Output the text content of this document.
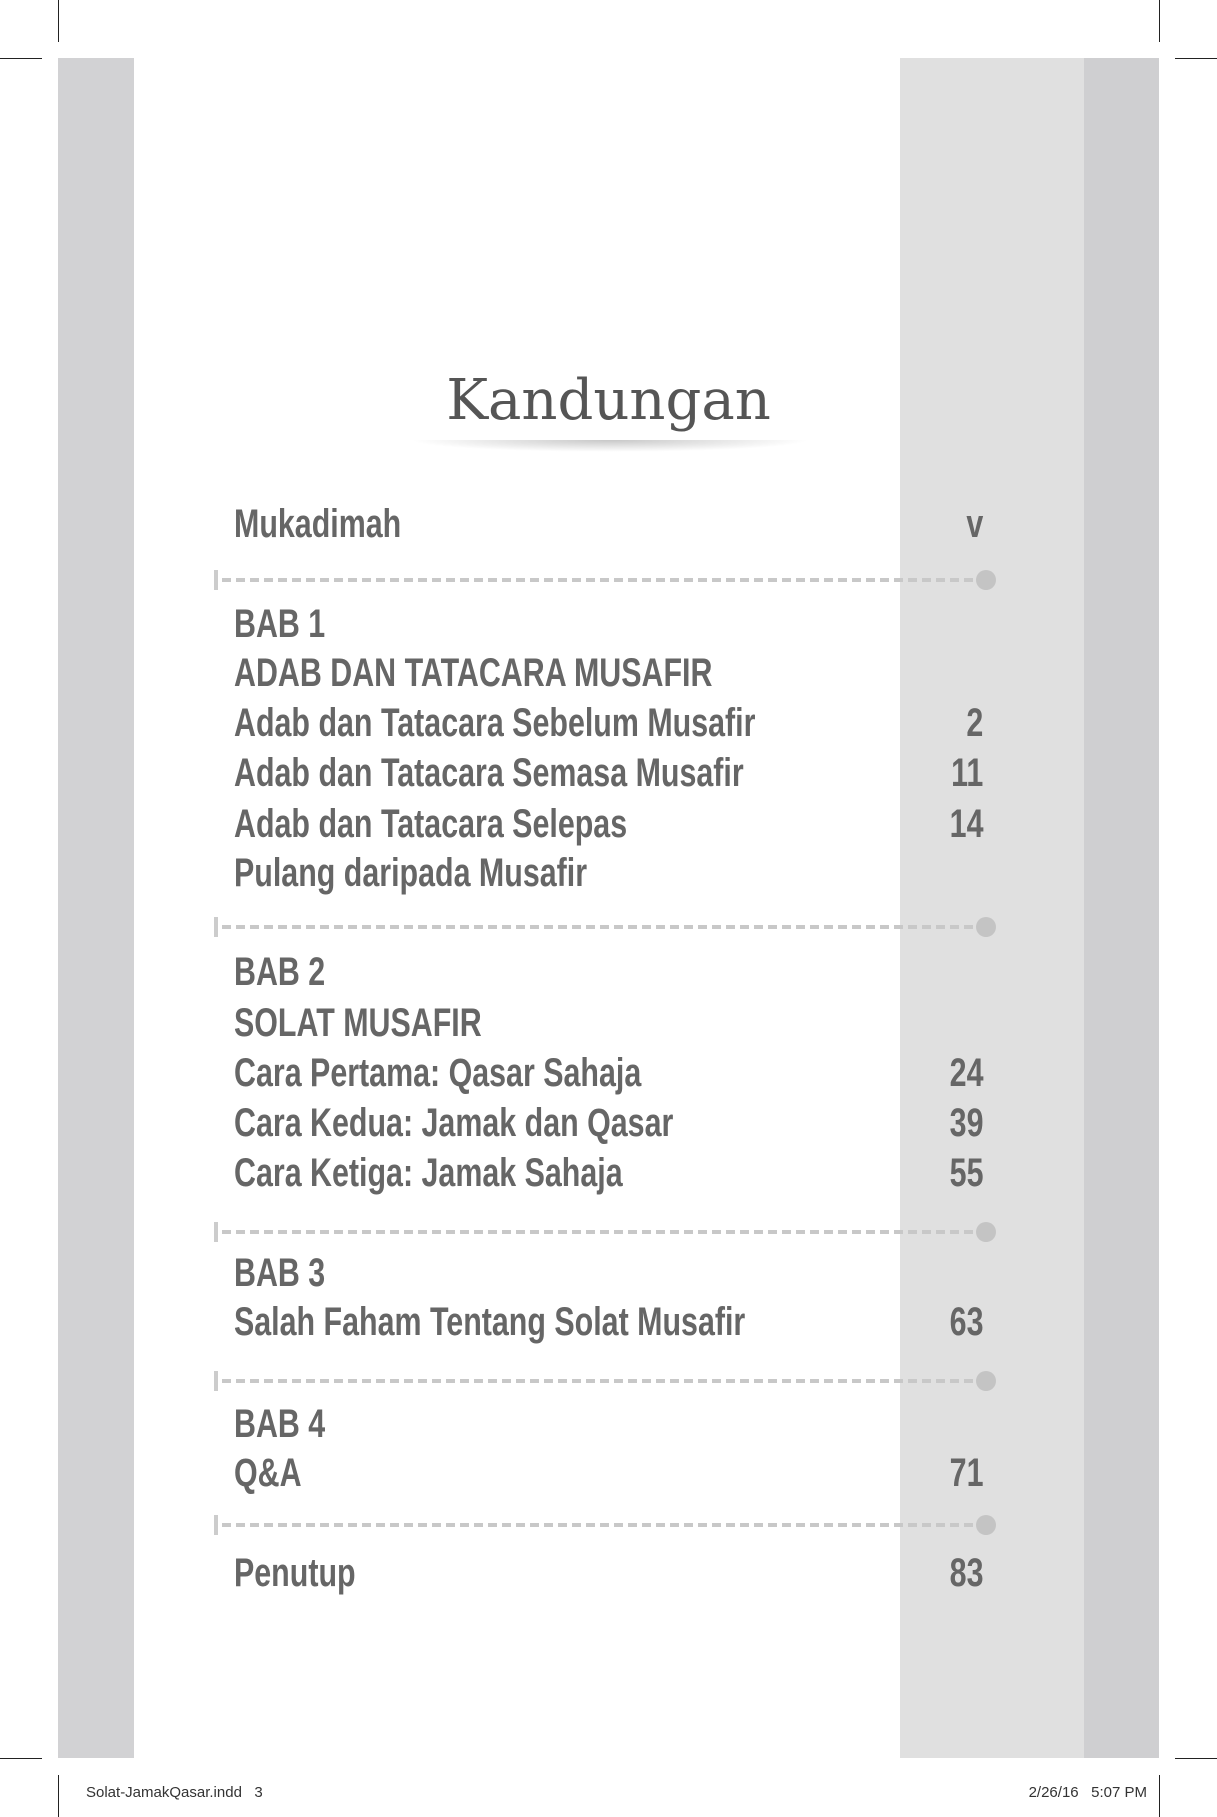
Kandungan
Mukadimah	v
BAB 1
ADAB DAN TATACARA MUSAFIR
Adab dan Tatacara Sebelum Musafir	2
Adab dan Tatacara Semasa Musafir	11
Adab dan Tatacara Selepas	14
Pulang daripada Musafir
BAB 2
SOLAT MUSAFIR
Cara Pertama: Qasar Sahaja	24
Cara Kedua: Jamak dan Qasar	39
Cara Ketiga: Jamak Sahaja	55
BAB 3
Salah Faham Tentang Solat Musafir	63
BAB 4
Q&A	71
Penutup	83
Solat-JamakQasar.indd   3	2/26/16   5:07 PM
